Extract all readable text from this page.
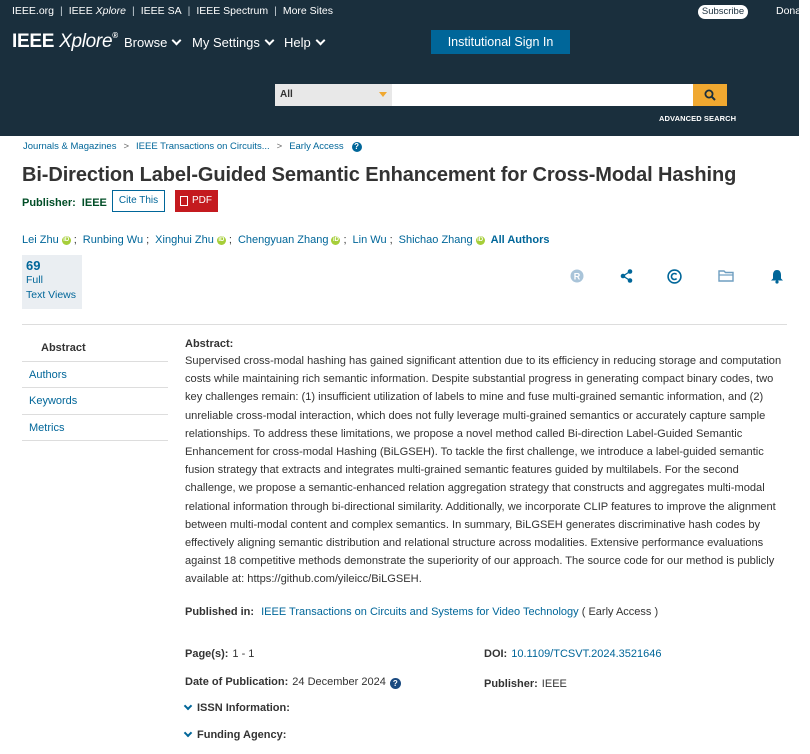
IEEE.org | IEEE Xplore | IEEE SA | IEEE Spectrum | More Sites	Subscribe	Donate
IEEE Xplore® Browse My Settings Help	Institutional Sign In
All
ADVANCED SEARCH
Journals & Magazines > IEEE Transactions on Circuits... > Early Access	?
Bi-Direction Label-Guided Semantic Enhancement for Cross-Modal Hashing
Publisher: IEEE	Cite This	PDF
Lei Zhu iD ; Runbing Wu ; Xinghui Zhu iD ; Chengyuan Zhang iD ; Lin Wu ; Shichao Zhang iD All Authors
69
Full
Text Views
R
Abstract
Authors
Keywords
Metrics
Abstract:
Supervised cross-modal hashing has gained significant attention due to its efficiency in reducing storage and computation costs while maintaining rich semantic information. Despite substantial progress in generating compact binary codes, two key challenges remain: (1) insufficient utilization of labels to mine and fuse multi-grained semantic information, and (2) unreliable cross-modal interaction, which does not fully leverage multi-grained semantics or accurately capture sample relationships. To address these limitations, we propose a novel method called Bi-direction Label-Guided Semantic Enhancement for cross-modal Hashing (BiLGSEH). To tackle the first challenge, we introduce a label-guided semantic fusion strategy that extracts and integrates multi-grained semantic features guided by multilabels. For the second challenge, we propose a semantic-enhanced relation aggregation strategy that constructs and aggregates multi-modal relational information through bi-directional similarity. Additionally, we incorporate CLIP features to improve the alignment between multi-modal content and complex semantics. In summary, BiLGSEH generates discriminative hash codes by effectively aligning semantic distribution and relational structure across modalities. Extensive performance evaluations against 18 competitive methods demonstrate the superiority of our approach. The source code for our method is publicly available at: https://github.com/yileicc/BiLGSEH.
Published in: IEEE Transactions on Circuits and Systems for Video Technology ( Early Access )
Page(s): 1 - 1	DOI: 10.1109/TCSVT.2024.3521646
Date of Publication: 24 December 2024 ?	Publisher: IEEE
ISSN Information:
Funding Agency:
